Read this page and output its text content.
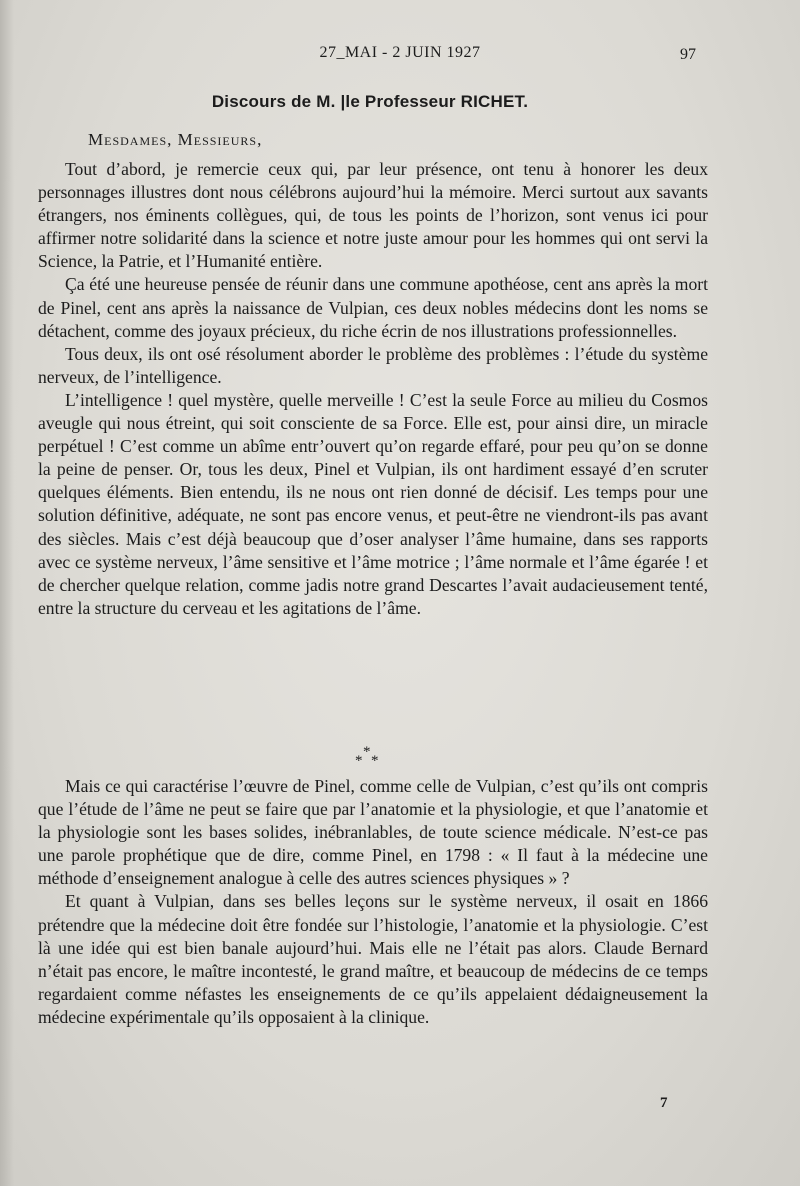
27_MAI - 2 JUIN 1927	97
Discours de M. |le Professeur RICHET.
Mesdames, Messieurs,

Tout d’abord, je remercie ceux qui, par leur présence, ont tenu à honorer les deux personnages illustres dont nous célébrons aujourd’hui la mémoire. Merci surtout aux savants étrangers, nos éminents collègues, qui, de tous les points de l’horizon, sont venus ici pour affirmer notre solidarité dans la science et notre juste amour pour les hommes qui ont servi la Science, la Patrie, et l’Humanité entière.

Ça été une heureuse pensée de réunir dans une commune apothéose, cent ans après la mort de Pinel, cent ans après la naissance de Vulpian, ces deux nobles médecins dont les noms se détachent, comme des joyaux précieux, du riche écrin de nos illustrations professionnelles.

Tous deux, ils ont osé résolument aborder le problème des problèmes : l’étude du système nerveux, de l’intelligence.

L’intelligence ! quel mystère, quelle merveille ! C’est la seule Force au milieu du Cosmos aveugle qui nous étreint, qui soit consciente de sa Force. Elle est, pour ainsi dire, un miracle perpétuel ! C’est comme un abîme entr’ouvert qu’on regarde effaré, pour peu qu’on se donne la peine de penser. Or, tous les deux, Pinel et Vulpian, ils ont hardiment essayé d’en scruter quelques éléments. Bien entendu, ils ne nous ont rien donné de décisif. Les temps pour une solution définitive, adéquate, ne sont pas encore venus, et peut-être ne viendront-ils pas avant des siècles. Mais c’est déjà beaucoup que d’oser analyser l’âme humaine, dans ses rapports avec ce système nerveux, l’âme sensitive et l’âme motrice ; l’âme normale et l’âme égarée ! et de chercher quelque relation, comme jadis notre grand Descartes l’avait audacieusement tenté, entre la structure du cerveau et les agitations de l’âme.

*
* *

Mais ce qui caractérise l’œuvre de Pinel, comme celle de Vulpian, c’est qu’ils ont compris que l’étude de l’âme ne peut se faire que par l’anatomie et la physiologie, et que l’anatomie et la physiologie sont les bases solides, inébranlables, de toute science médicale. N’est-ce pas une parole prophétique que de dire, comme Pinel, en 1798 : « Il faut à la médecine une méthode d’enseignement analogue à celle des autres sciences physiques » ?

Et quant à Vulpian, dans ses belles leçons sur le système nerveux, il osait en 1866 prétendre que la médecine doit être fondée sur l’histologie, l’anatomie et la physiologie. C’est là une idée qui est bien banale aujourd’hui. Mais elle ne l’était pas alors. Claude Bernard n’était pas encore, le maître incontesté, le grand maître, et beaucoup de médecins de ce temps regardaient comme néfastes les enseignements de ce qu’ils appelaient dédaigneusement la médecine expérimentale qu’ils opposaient à la clinique.

7
